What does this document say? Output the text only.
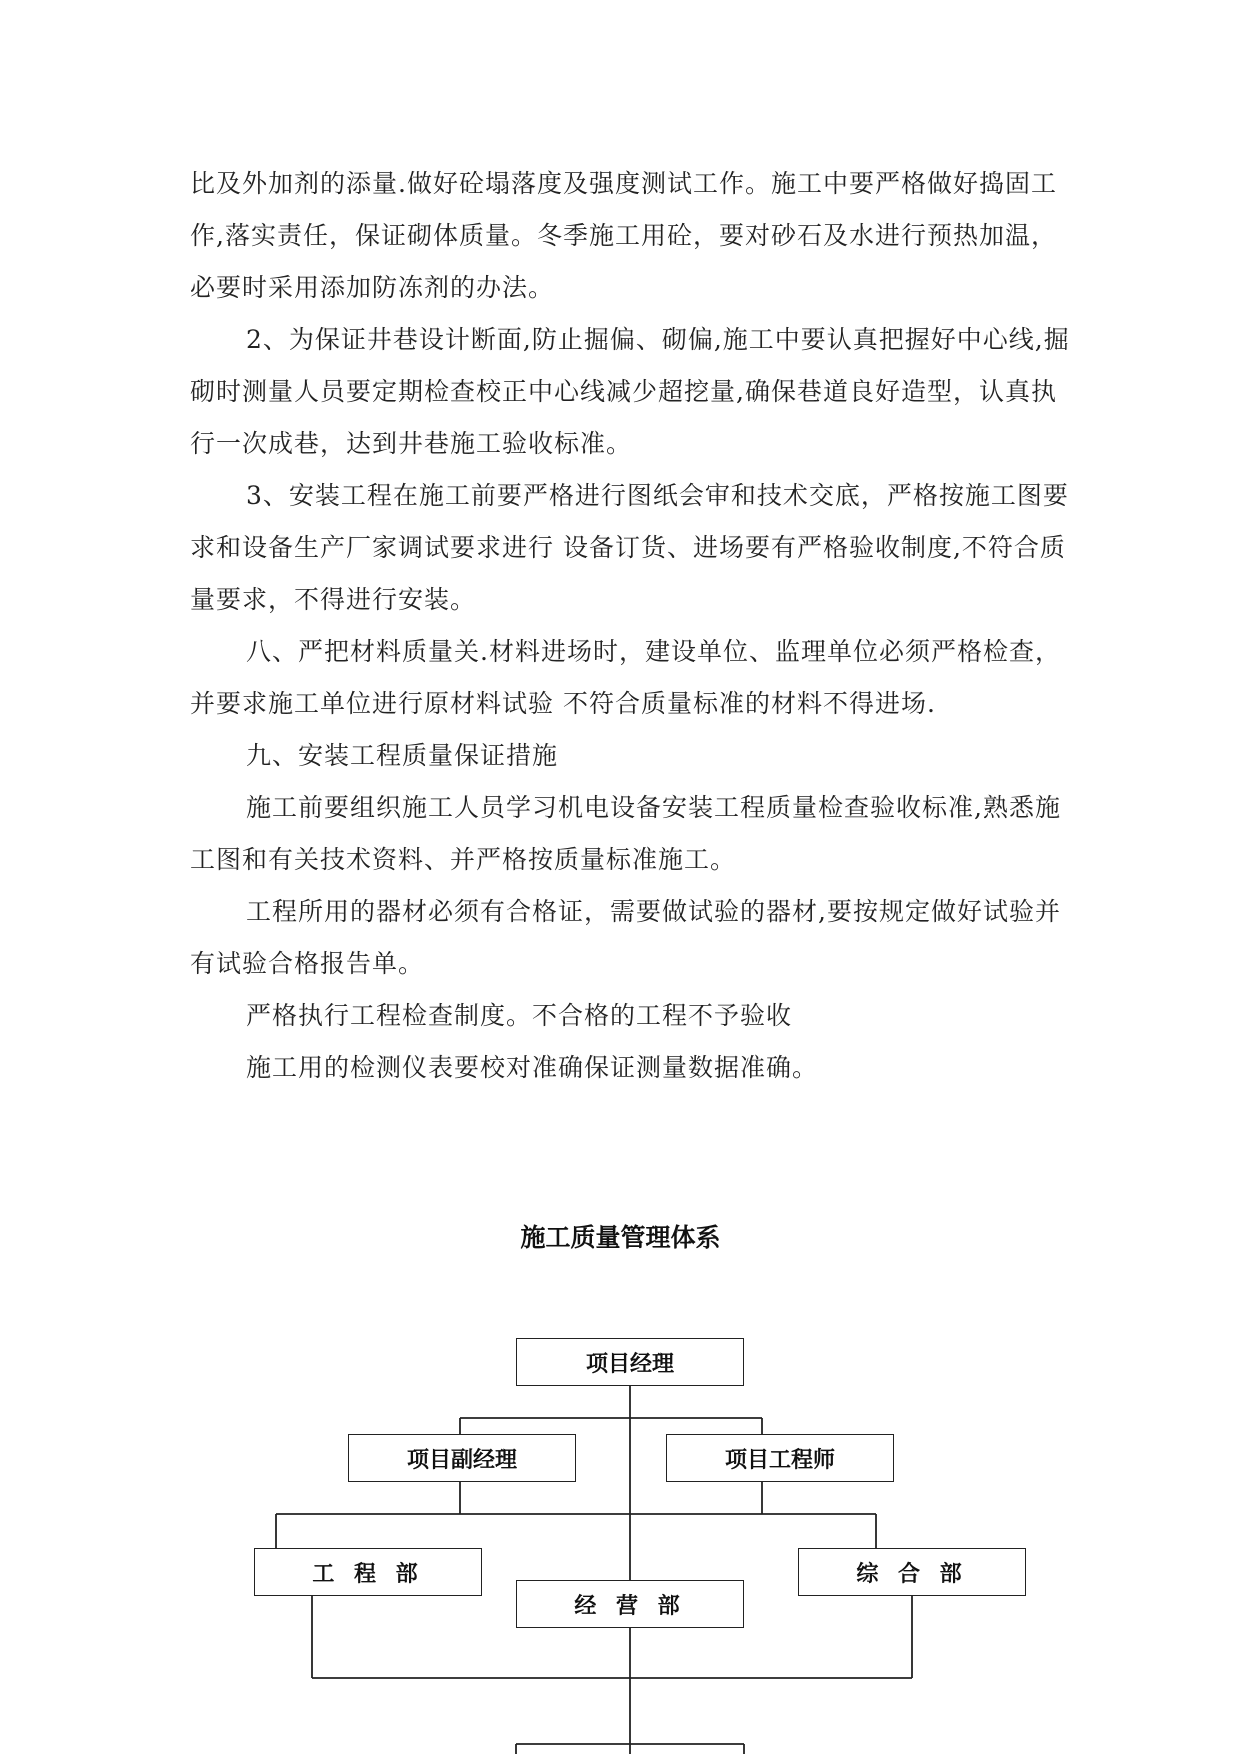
比及外加剂的添量.做好砼塌落度及强度测试工作。施工中要严格做好捣固工作,落实责任，保证砌体质量。冬季施工用砼，要对砂石及水进行预热加温，必要时采用添加防冻剂的办法。

2、为保证井巷设计断面,防止掘偏、砌偏,施工中要认真把握好中心线,掘砌时测量人员要定期检查校正中心线减少超挖量,确保巷道良好造型，认真执行一次成巷，达到井巷施工验收标准。

3、安装工程在施工前要严格进行图纸会审和技术交底，严格按施工图要求和设备生产厂家调试要求进行 设备订货、进场要有严格验收制度,不符合质量要求，不得进行安装。

八、严把材料质量关.材料进场时，建设单位、监理单位必须严格检查，并要求施工单位进行原材料试验 不符合质量标准的材料不得进场.

九、安装工程质量保证措施

施工前要组织施工人员学习机电设备安装工程质量检查验收标准,熟悉施工图和有关技术资料、并严格按质量标准施工。

工程所用的器材必须有合格证，需要做试验的器材,要按规定做好试验并有试验合格报告单。

严格执行工程检查制度。不合格的工程不予验收

施工用的检测仪表要校对准确保证测量数据准确。

施工质量管理体系
项目经理
项目副经理	项目工程师
工 程 部
经 营 部
综 合 部
